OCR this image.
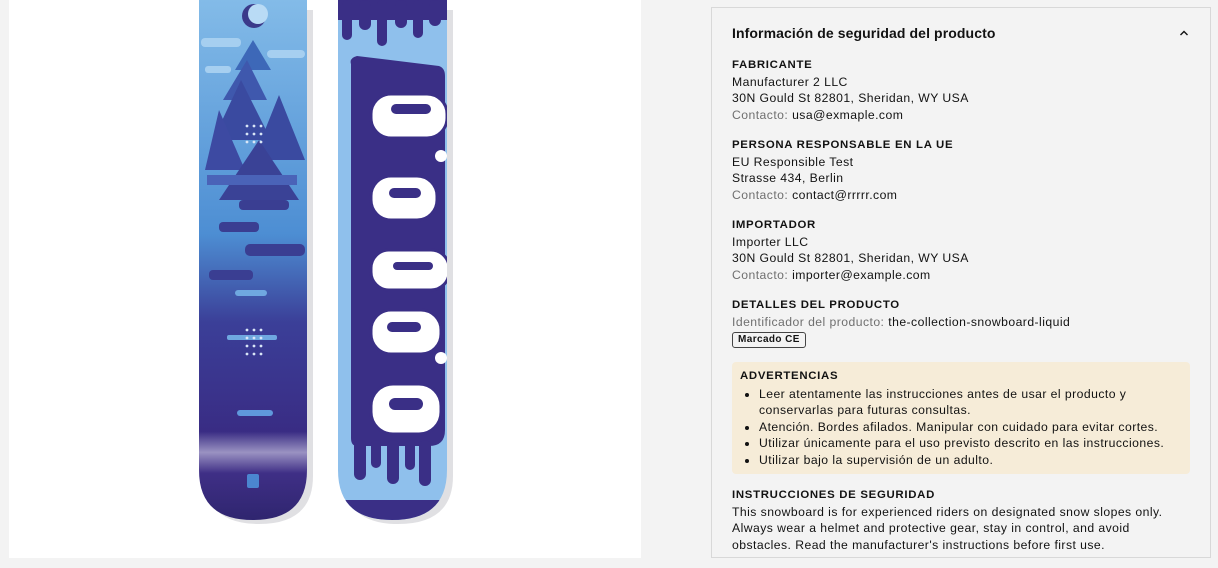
Información de seguridad del producto
FABRICANTE
Manufacturer 2 LLC
30N Gould St 82801, Sheridan, WY USA
Contacto: usa@exmaple.com
PERSONA RESPONSABLE EN LA UE
EU Responsible Test
Strasse 434, Berlin
Contacto: contact@rrrrr.com
IMPORTADOR
Importer LLC
30N Gould St 82801, Sheridan, WY USA
Contacto: importer@example.com
DETALLES DEL PRODUCTO
Identificador del producto: the-collection-snowboard-liquid
Marcado CE
ADVERTENCIAS
• Leer atentamente las instrucciones antes de usar el producto y conservarlas para futuras consultas.
• Atención. Bordes afilados. Manipular con cuidado para evitar cortes.
• Utilizar únicamente para el uso previsto descrito en las instrucciones.
• Utilizar bajo la supervisión de un adulto.
INSTRUCCIONES DE SEGURIDAD
This snowboard is for experienced riders on designated snow slopes only. Always wear a helmet and protective gear, stay in control, and avoid obstacles. Read the manufacturer's instructions before first use.
